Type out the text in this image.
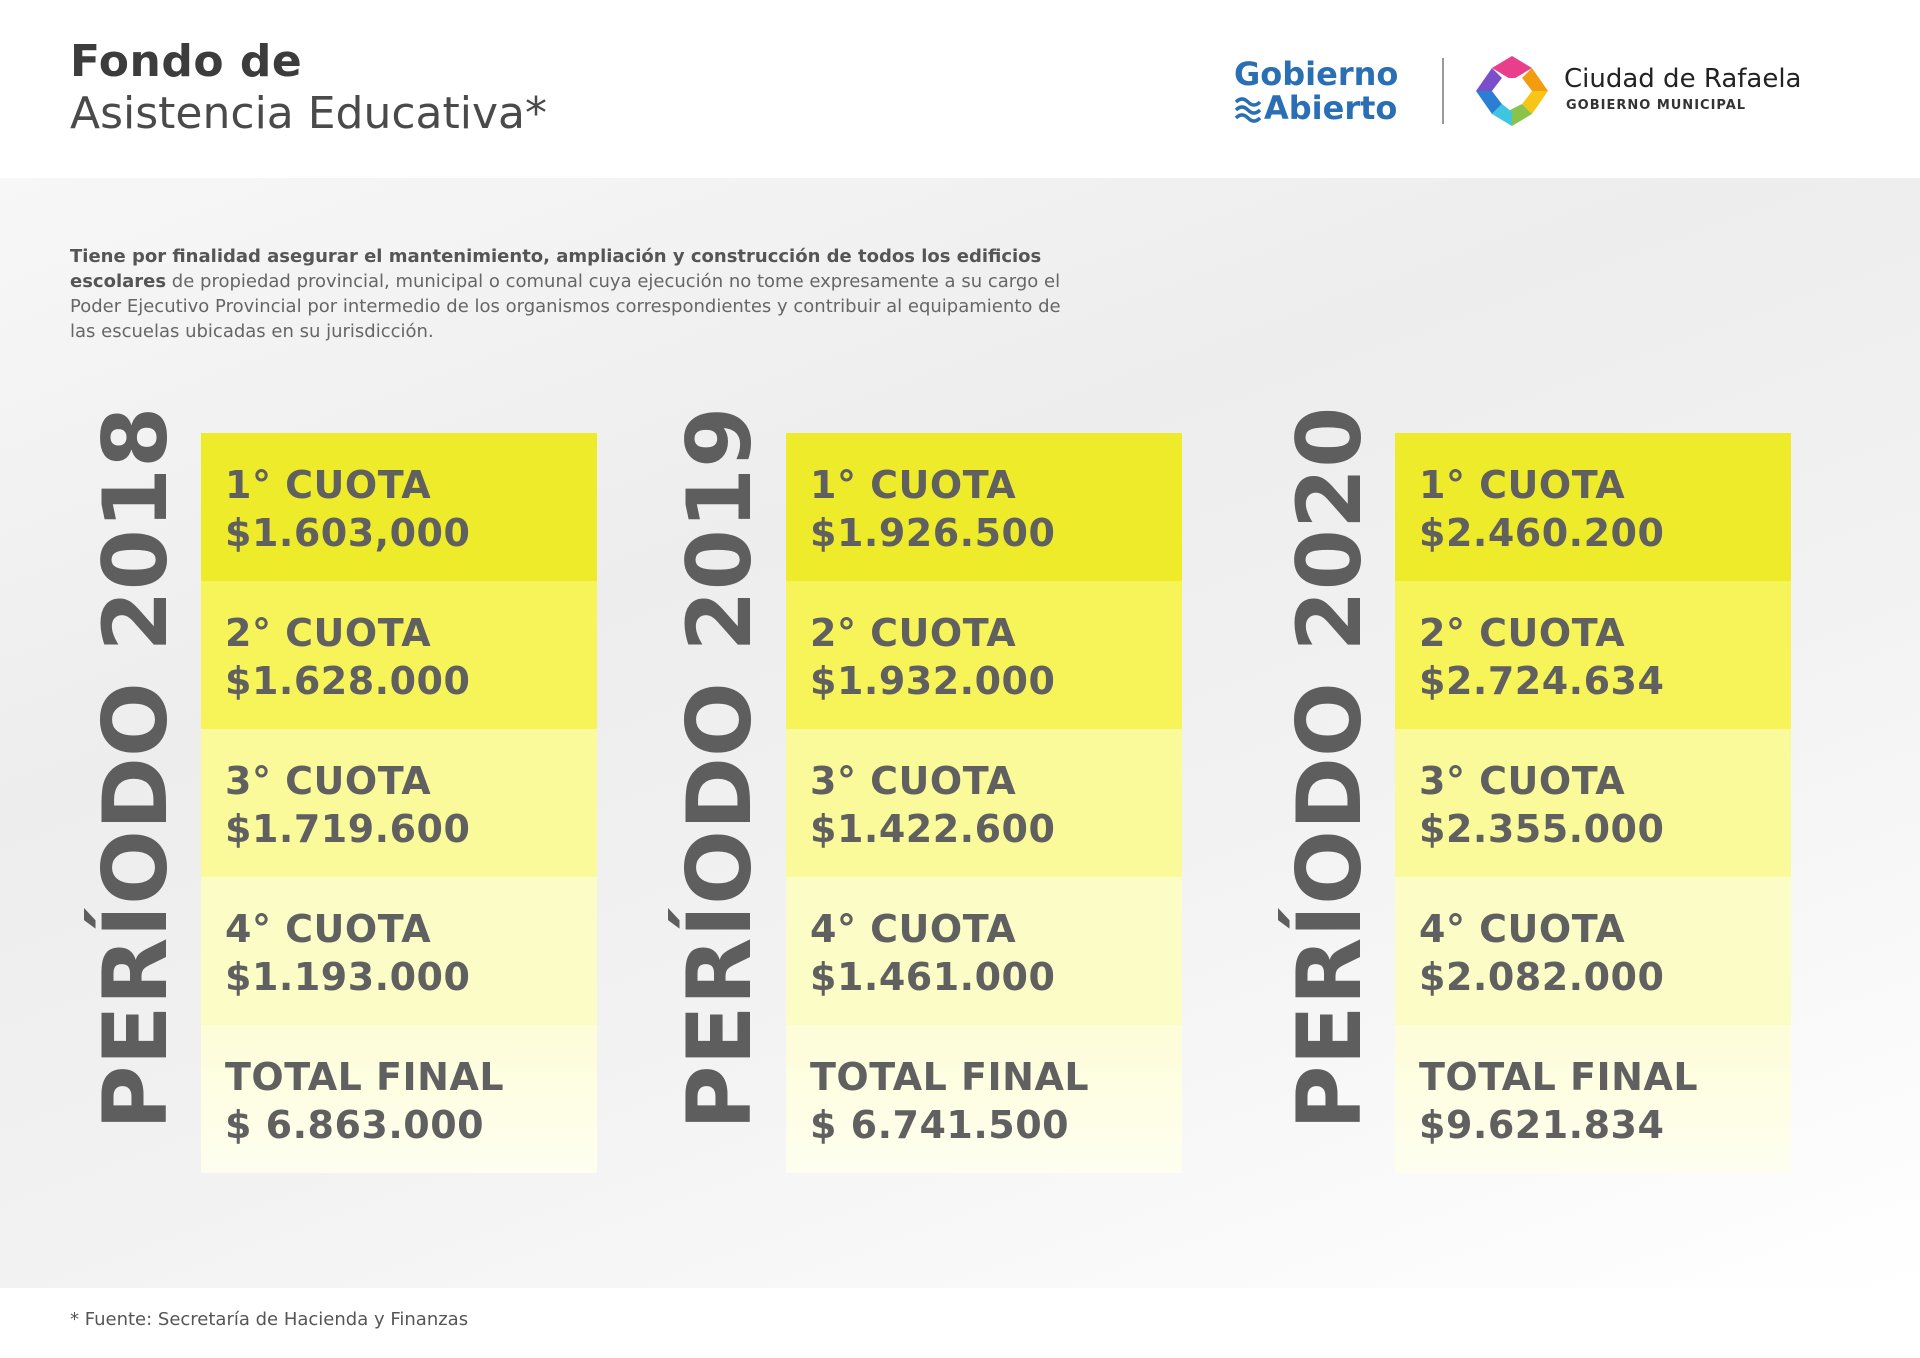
Fondo de
Asistencia Educativa*
Gobierno
Abierto
Ciudad de Rafaela
GOBIERNO MUNICIPAL
Tiene por finalidad asegurar el mantenimiento, ampliación y construcción de todos los edificios escolares de propiedad provincial, municipal o comunal cuya ejecución no tome expresamente a su cargo el Poder Ejecutivo Provincial por intermedio de los organismos correspondientes y contribuir al equipamiento de las escuelas ubicadas en su jurisdicción.
PERÍODO 2018 1° CUOTA
$1.603,000
2° CUOTA
$1.628.000
3° CUOTA
$1.719.600
4° CUOTA
$1.193.000
TOTAL FINAL
$ 6.863.000 PERÍODO 2019 1° CUOTA
$1.926.500
2° CUOTA
$1.932.000
3° CUOTA
$1.422.600
4° CUOTA
$1.461.000
TOTAL FINAL
$ 6.741.500 PERÍODO 2020 1° CUOTA
$2.460.200
2° CUOTA
$2.724.634
3° CUOTA
$2.355.000
4° CUOTA
$2.082.000
TOTAL FINAL
$9.621.834
* Fuente: Secretaría de Hacienda y Finanzas
